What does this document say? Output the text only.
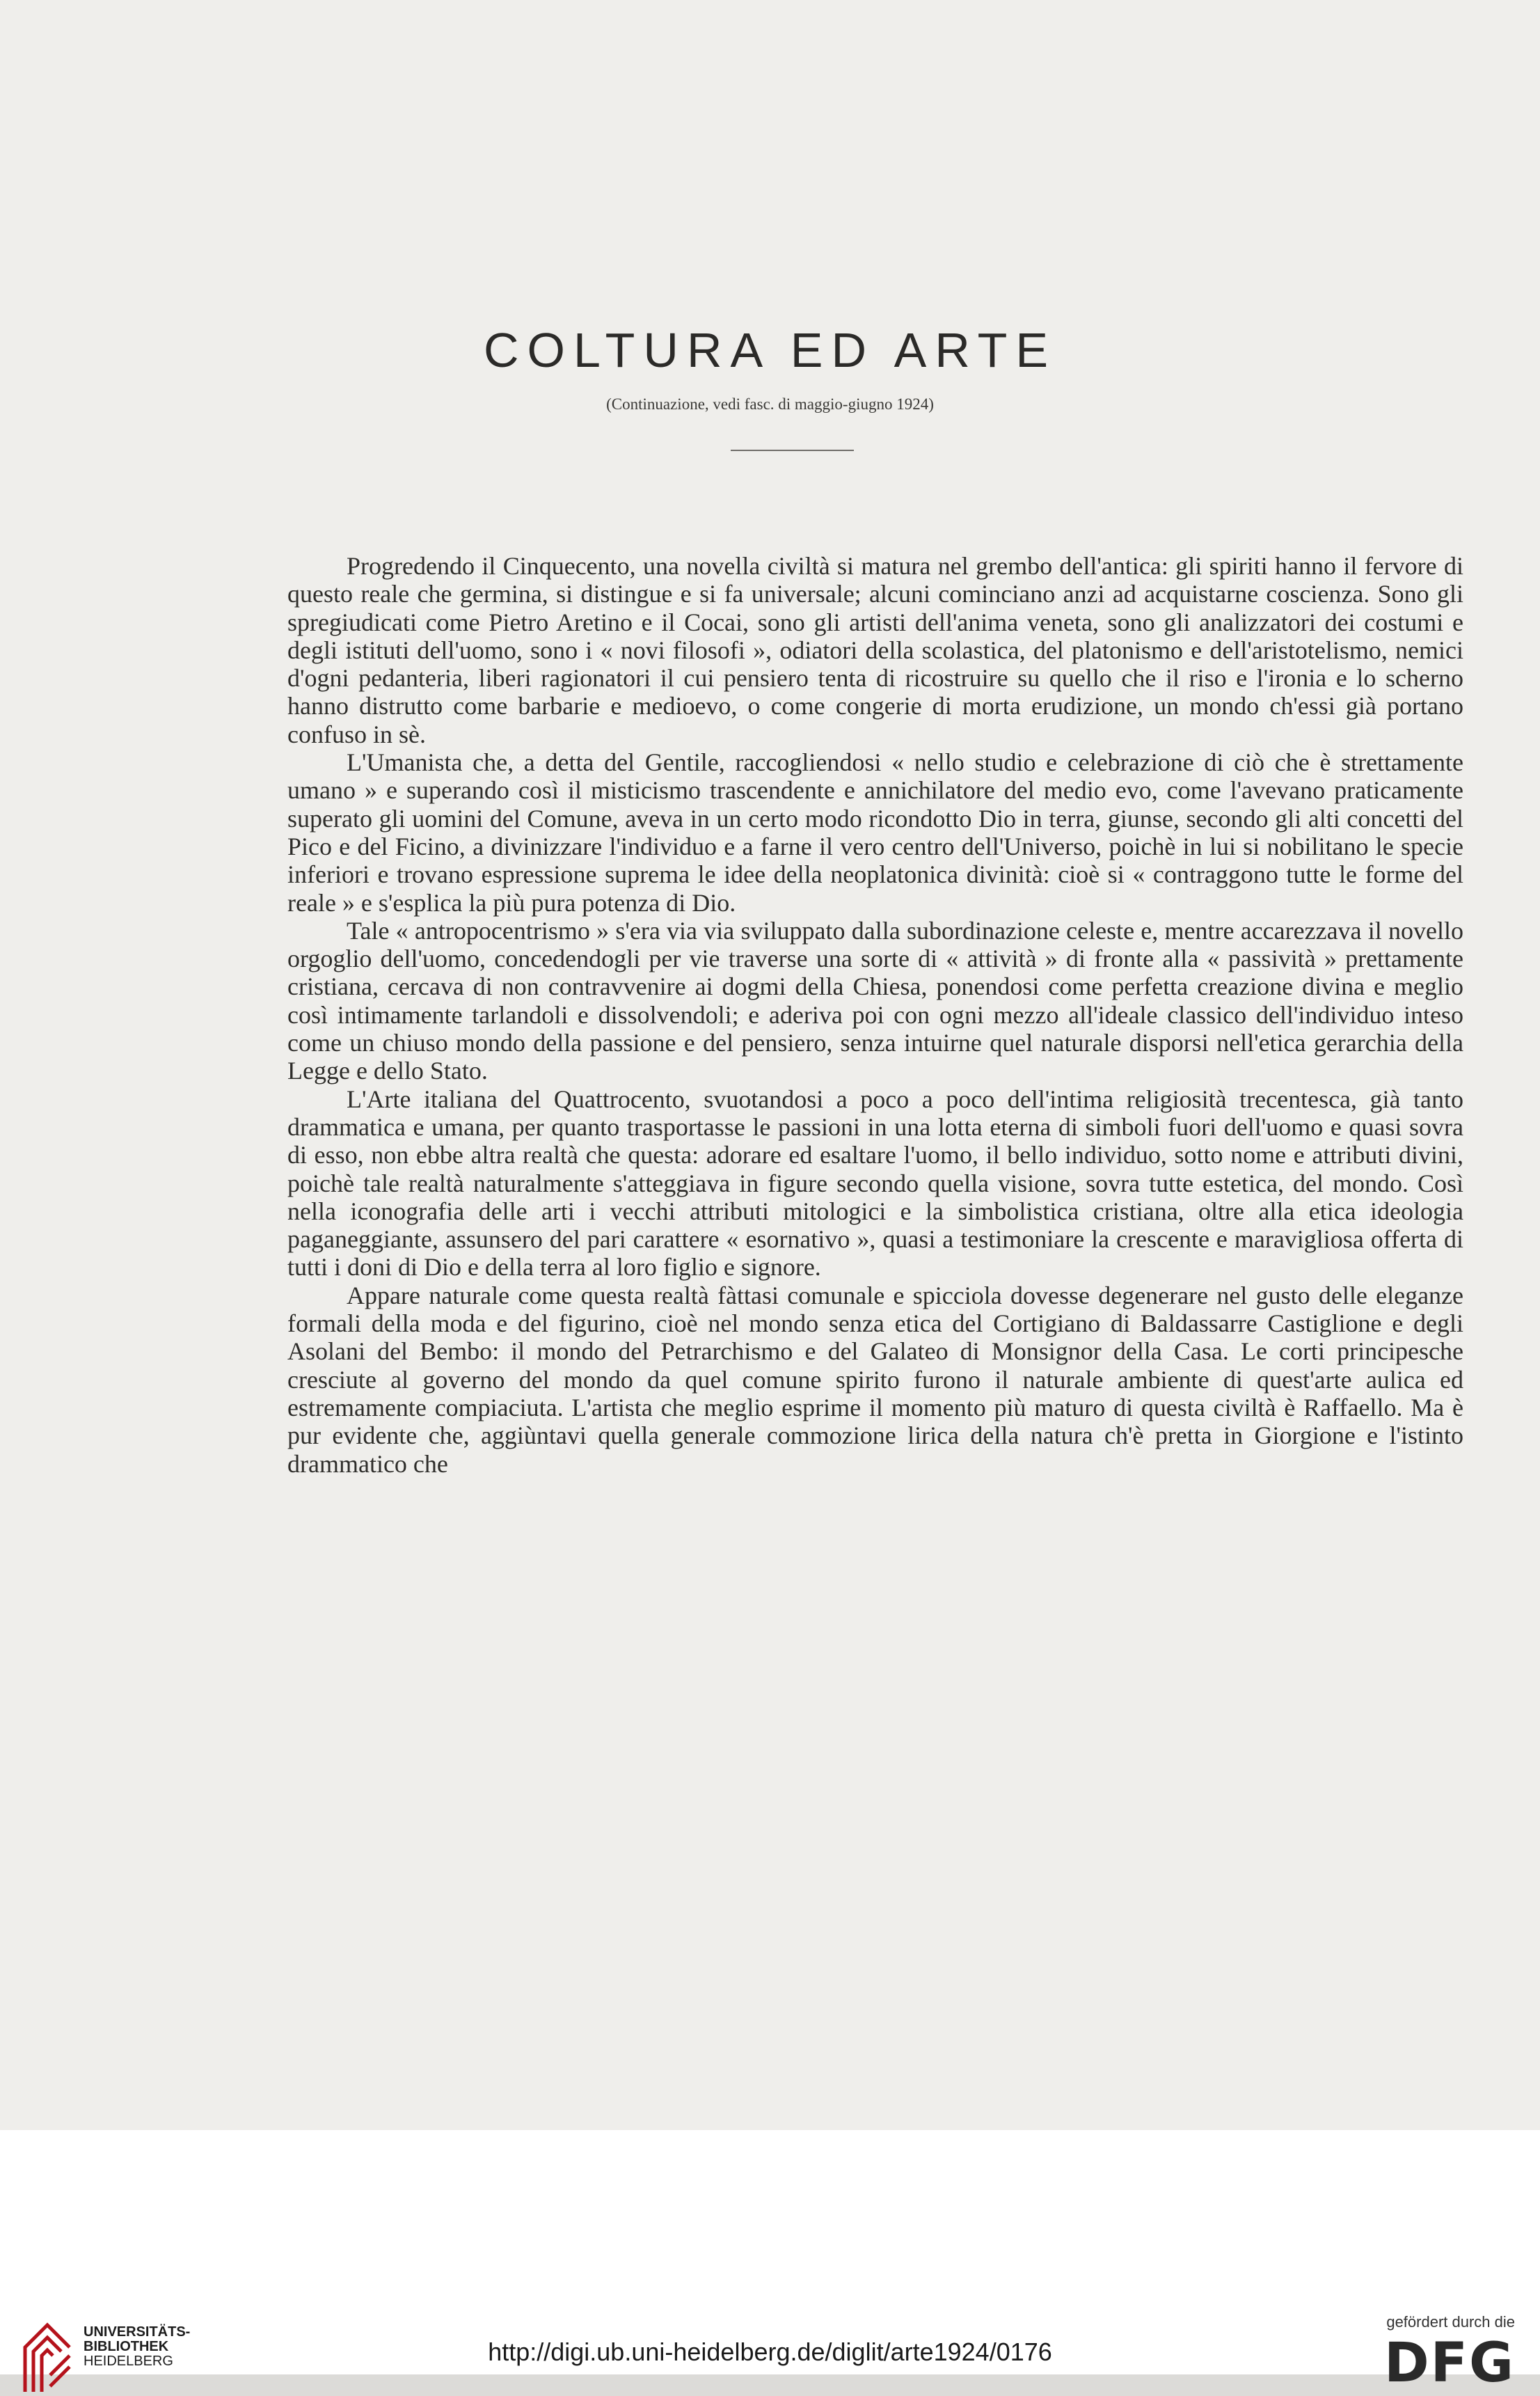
COLTURA ED ARTE

(Continuazione, vedi fasc. di maggio-giugno 1924)

Progredendo il Cinquecento, una novella civiltà si matura nel grembo dell'antica: gli spiriti hanno il fervore di questo reale che germina, si distingue e si fa universale; alcuni cominciano anzi ad acquistarne coscienza. Sono gli spregiudicati come Pietro Aretino e il Cocai, sono gli artisti dell'anima veneta, sono gli analizzatori dei costumi e degli istituti dell'uomo, sono i « novi filosofi », odiatori della scolastica, del platonismo e dell'aristotelismo, nemici d'ogni pedanteria, liberi ragionatori il cui pensiero tenta di ricostruire su quello che il riso e l'ironia e lo scherno hanno distrutto come barbarie e medioevo, o come congerie di morta erudizione, un mondo ch'essi già portano confuso in sè.

L'Umanista che, a detta del Gentile, raccogliendosi « nello studio e celebrazione di ciò che è strettamente umano » e superando così il misticismo trascendente e annichilatore del medio evo, come l'avevano praticamente superato gli uomini del Comune, aveva in un certo modo ricondotto Dio in terra, giunse, secondo gli alti concetti del Pico e del Ficino, a divinizzare l'individuo e a farne il vero centro dell'Universo, poichè in lui si nobilitano le specie inferiori e trovano espressione suprema le idee della neoplatonica divinità: cioè si « contraggono tutte le forme del reale » e s'esplica la più pura potenza di Dio.

Tale « antropocentrismo » s'era via via sviluppato dalla subordinazione celeste e, mentre accarezzava il novello orgoglio dell'uomo, concedendogli per vie traverse una sorte di « attività » di fronte alla « passività » prettamente cristiana, cercava di non contravvenire ai dogmi della Chiesa, ponendosi come perfetta creazione divina e meglio così intimamente tarlandoli e dissolvendoli; e aderiva poi con ogni mezzo all'ideale classico dell'individuo inteso come un chiuso mondo della passione e del pensiero, senza intuirne quel naturale disporsi nell'etica gerarchia della Legge e dello Stato.

L'Arte italiana del Quattrocento, svuotandosi a poco a poco dell'intima religiosità trecentesca, già tanto drammatica e umana, per quanto trasportasse le passioni in una lotta eterna di simboli fuori dell'uomo e quasi sovra di esso, non ebbe altra realtà che questa: adorare ed esaltare l'uomo, il bello individuo, sotto nome e attributi divini, poichè tale realtà naturalmente s'atteggiava in figure secondo quella visione, sovra tutte estetica, del mondo. Così nella iconografia delle arti i vecchi attributi mitologici e la simbolistica cristiana, oltre alla etica ideologia paganeggiante, assunsero del pari carattere « esornativo », quasi a testimoniare la crescente e maravigliosa offerta di tutti i doni di Dio e della terra al loro figlio e signore.

Appare naturale come questa realtà fàttasi comunale e spicciola dovesse degenerare nel gusto delle eleganze formali della moda e del figurino, cioè nel mondo senza etica del Cortigiano di Baldassarre Castiglione e degli Asolani del Bembo: il mondo del Petrarchismo e del Galateo di Monsignor della Casa. Le corti principesche cresciute al governo del mondo da quel comune spirito furono il naturale ambiente di quest'arte aulica ed estremamente compiaciuta. L'artista che meglio esprime il momento più maturo di questa civiltà è Raffaello. Ma è pur evidente che, aggiùntavi quella generale commozione lirica della natura ch'è pretta in Giorgione e l'istinto drammatico che

UNIVERSITÄTS-
BIBLIOTHEK
HEIDELBERG	http://digi.ub.uni-heidelberg.de/diglit/arte1924/0176

gefördert durch die

DFG
